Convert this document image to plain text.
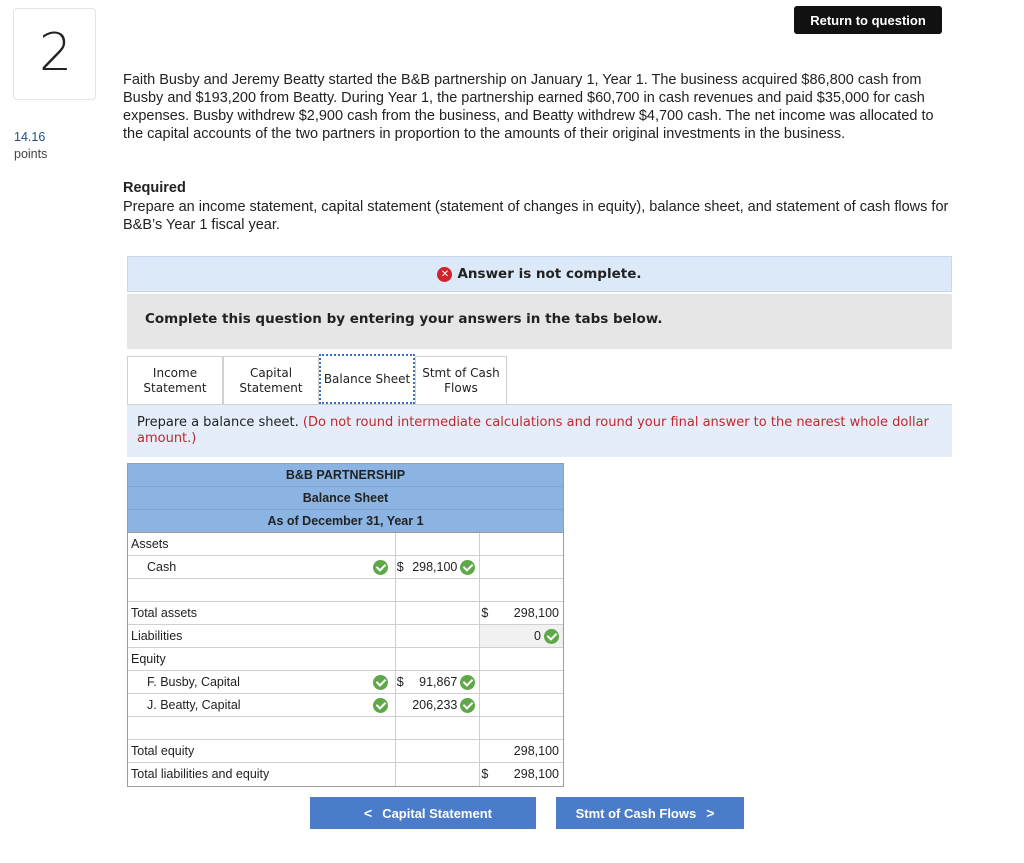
2
14.16
points
Return to question
Faith Busby and Jeremy Beatty started the B&B partnership on January 1, Year 1. The business acquired $86,800 cash from Busby and $193,200 from Beatty. During Year 1, the partnership earned $60,700 in cash revenues and paid $35,000 for cash expenses. Busby withdrew $2,900 cash from the business, and Beatty withdrew $4,700 cash. The net income was allocated to the capital accounts of the two partners in proportion to the amounts of their original investments in the business.
Required
Prepare an income statement, capital statement (statement of changes in equity), balance sheet, and statement of cash flows for B&B’s Year 1 fiscal year.
✕ Answer is not complete.
Complete this question by entering your answers in the tabs below.
Income
Statement
Capital
Statement
Balance Sheet Stmt of Cash
Flows
Prepare a balance sheet. (Do not round intermediate calculations and round your final answer to the nearest whole dollar amount.)
B&B PARTNERSHIP
Balance Sheet
As of December 31, Year 1
Assets
Cash	$ 298,100
Total assets	$ 298,100
Liabilities	0
Equity
F. Busby, Capital	$ 91,867
J. Beatty, Capital	206,233
Total equity	298,100
Total liabilities and equity	$ 298,100
< Capital Statement	Stmt of Cash Flows >
